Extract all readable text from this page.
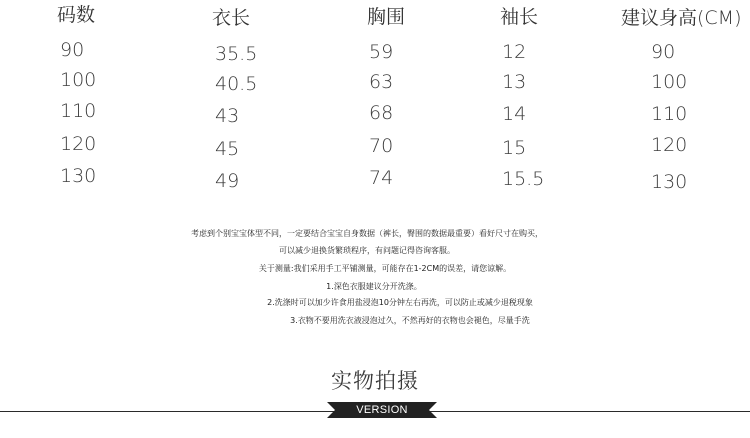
码数	衣长	胸围	袖长	建议身高(CM)
90	35.5	59	12	90
100	40.5	63	13	100
110	43	68	14	110
120	45	70	15	120
130	49	74	15.5	130
考虑到个别宝宝体型不同，一定要结合宝宝自身数据（裤长，臀围的数据最重要）看好尺寸在购买，
可以减少退换货繁琐程序，有问题记得咨询客服。
关于测量:我们采用手工平铺测量，可能存在1-2CM的误差，请您谅解。
1.深色衣服建议分开洗涤。
2.洗涤时可以加少许食用盐浸泡10分钟左右再洗，可以防止或减少退税现象
3.衣物不要用洗衣液浸泡过久，不然再好的衣物也会褪色，尽量手洗
实物拍摄
VERSION
